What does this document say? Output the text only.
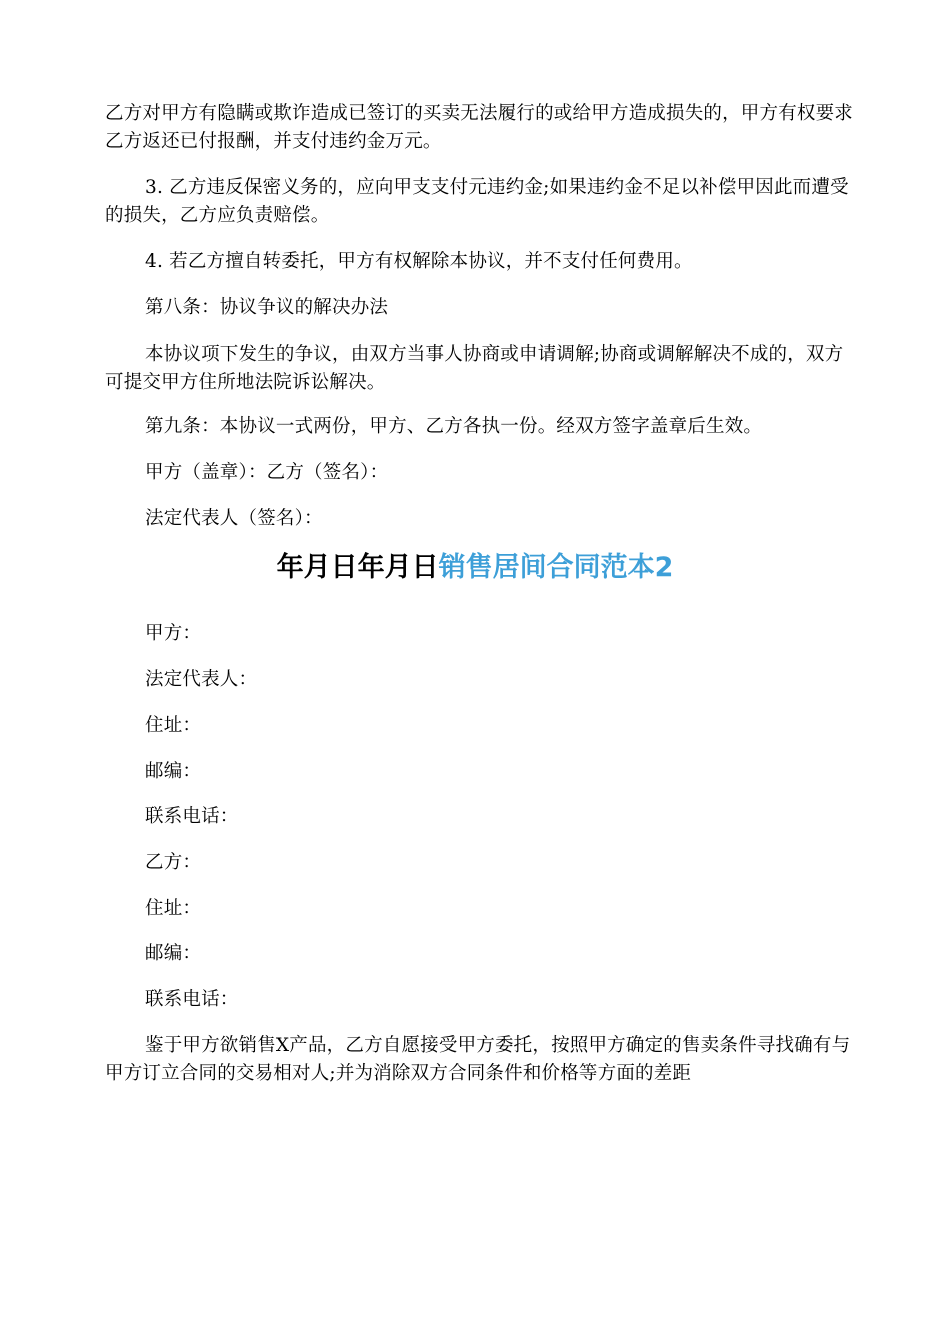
乙方对甲方有隐瞒或欺诈造成已签订的买卖无法履行的或给甲方造成损失的，甲方有权要求乙方返还已付报酬，并支付违约金万元。

3. 乙方违反保密义务的，应向甲支支付元违约金;如果违约金不足以补偿甲因此而遭受的损失，乙方应负责赔偿。

4. 若乙方擅自转委托，甲方有权解除本协议，并不支付任何费用。

第八条：协议争议的解决办法

本协议项下发生的争议，由双方当事人协商或申请调解;协商或调解解决不成的，双方可提交甲方住所地法院诉讼解决。

第九条：本协议一式两份，甲方、乙方各执一份。经双方签字盖章后生效。

甲方（盖章）：乙方（签名）：

法定代表人（签名）：

年月日年月日销售居间合同范本2

甲方：

法定代表人：

住址：

邮编：

联系电话：

乙方：

住址：

邮编：

联系电话：

鉴于甲方欲销售X产品，乙方自愿接受甲方委托，按照甲方确定的售卖条件寻找确有与甲方订立合同的交易相对人;并为消除双方合同条件和价格等方面的差距
